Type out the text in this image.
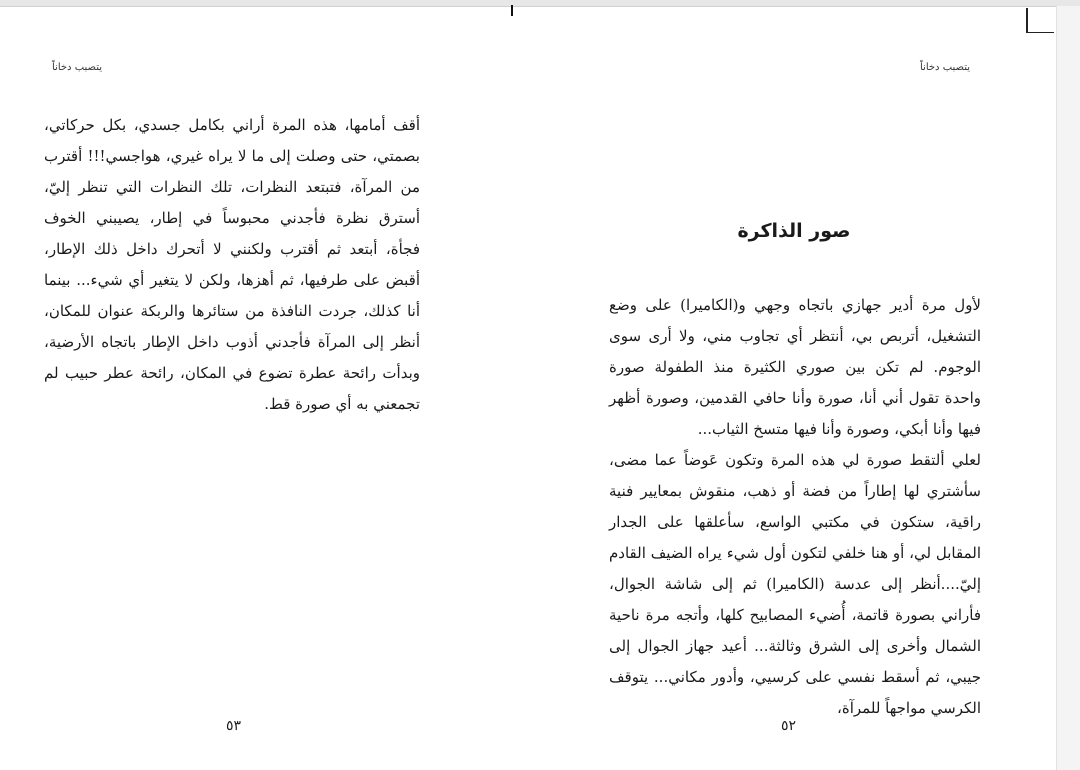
يتصبب دخاناً

أقف أمامها، هذه المرة أراني بكامل جسدي، بكل حركاتي، بصمتي، حتى وصلت إلى ما لا يراه غيري، هواجسي!!! أقترب من المرآة، فتبتعد النظرات، تلك النظرات التي تنظر إليّ، أسترق نظرة فأجدني محبوساً في إطار، يصيبني الخوف فجأة، أبتعد ثم أقترب ولكنني لا أتحرك داخل ذلك الإطار، أقبض على طرفيها، ثم أهزها، ولكن لا يتغير أي شيء... بينما أنا كذلك، جردت النافذة من ستائرها والربكة عنوان للمكان، أنظر إلى المرآة فأجدني أذوب داخل الإطار باتجاه الأرضية، وبدأت رائحة عطرة تضوع في المكان، رائحة عطر حبيب لم تجمعني به أي صورة قط.

٥٣
يتصبب دخاناً
صور الذاكرة

لأول مرة أدير جهازي باتجاه وجهي و(الكاميرا) على وضع التشغيل، أتربص بي، أنتظر أي تجاوب مني، ولا أرى سوى الوجوم. لم تكن بين صوري الكثيرة منذ الطفولة صورة واحدة تقول أني أنا، صورة وأنا حافي القدمين، وصورة أظهر فيها وأنا أبكي، وصورة وأنا فيها متسخ الثياب...

لعلي ألتقط صورة لي هذه المرة وتكون عَوضاً عما مضى، سأشتري لها إطاراً من فضة أو ذهب، منقوش بمعايير فنية راقية، ستكون في مكتبي الواسع، سأعلقها على الجدار المقابل لي، أو هنا خلفي لتكون أول شيء يراه الضيف القادم إليّ....أنظر إلى عدسة (الكاميرا) ثم إلى شاشة الجوال، فأراني بصورة قاتمة، أُضيء المصابيح كلها، وأتجه مرة ناحية الشمال وأخرى إلى الشرق وثالثة... أعيد جهاز الجوال إلى جيبي، ثم أسقط نفسي على كرسيي، وأدور مكاني... يتوقف الكرسي مواجهاً للمرآة،

٥٢
